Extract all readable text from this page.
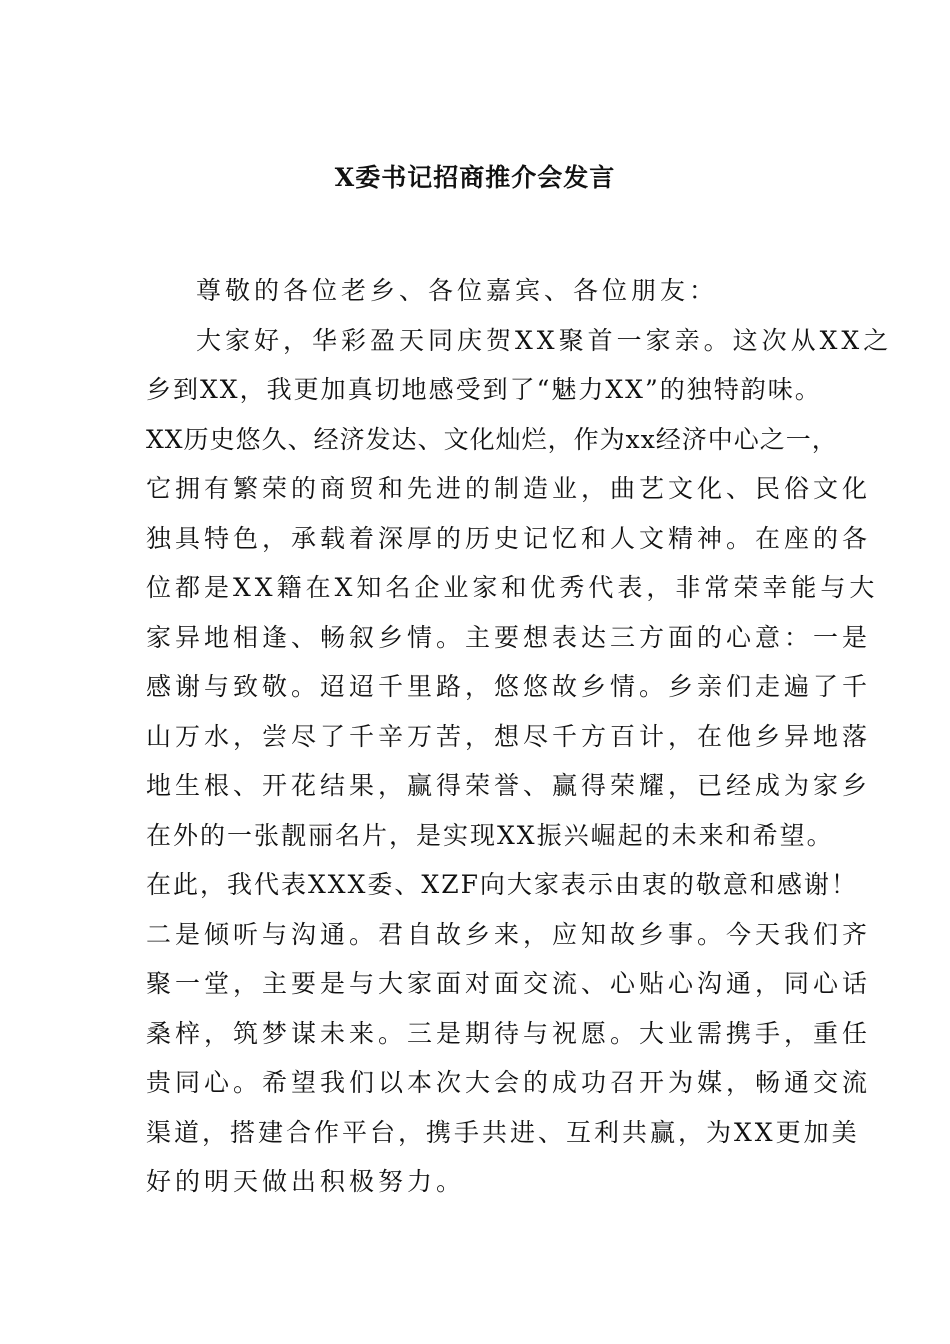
X委书记招商推介会发言
尊敬的各位老乡、各位嘉宾、各位朋友：
大家好，华彩盈天同庆贺XX聚首一家亲。这次从XX之
乡到XX，我更加真切地感受到了“魅力XX”的独特韵味。
XX历史悠久、经济发达、文化灿烂，作为xx经济中心之一，
它拥有繁荣的商贸和先进的制造业，曲艺文化、民俗文化
独具特色，承载着深厚的历史记忆和人文精神。在座的各
位都是XX籍在X知名企业家和优秀代表，非常荣幸能与大
家异地相逢、畅叙乡情。主要想表达三方面的心意：一是
感谢与致敬。迢迢千里路，悠悠故乡情。乡亲们走遍了千
山万水，尝尽了千辛万苦，想尽千方百计，在他乡异地落
地生根、开花结果，赢得荣誉、赢得荣耀，已经成为家乡
在外的一张靓丽名片，是实现XX振兴崛起的未来和希望。
在此，我代表XXX委、XZF向大家表示由衷的敬意和感谢！
二是倾听与沟通。君自故乡来，应知故乡事。今天我们齐
聚一堂，主要是与大家面对面交流、心贴心沟通，同心话
桑梓，筑梦谋未来。三是期待与祝愿。大业需携手，重任
贵同心。希望我们以本次大会的成功召开为媒，畅通交流
渠道，搭建合作平台，携手共进、互利共赢，为XX更加美
好的明天做出积极努力。
